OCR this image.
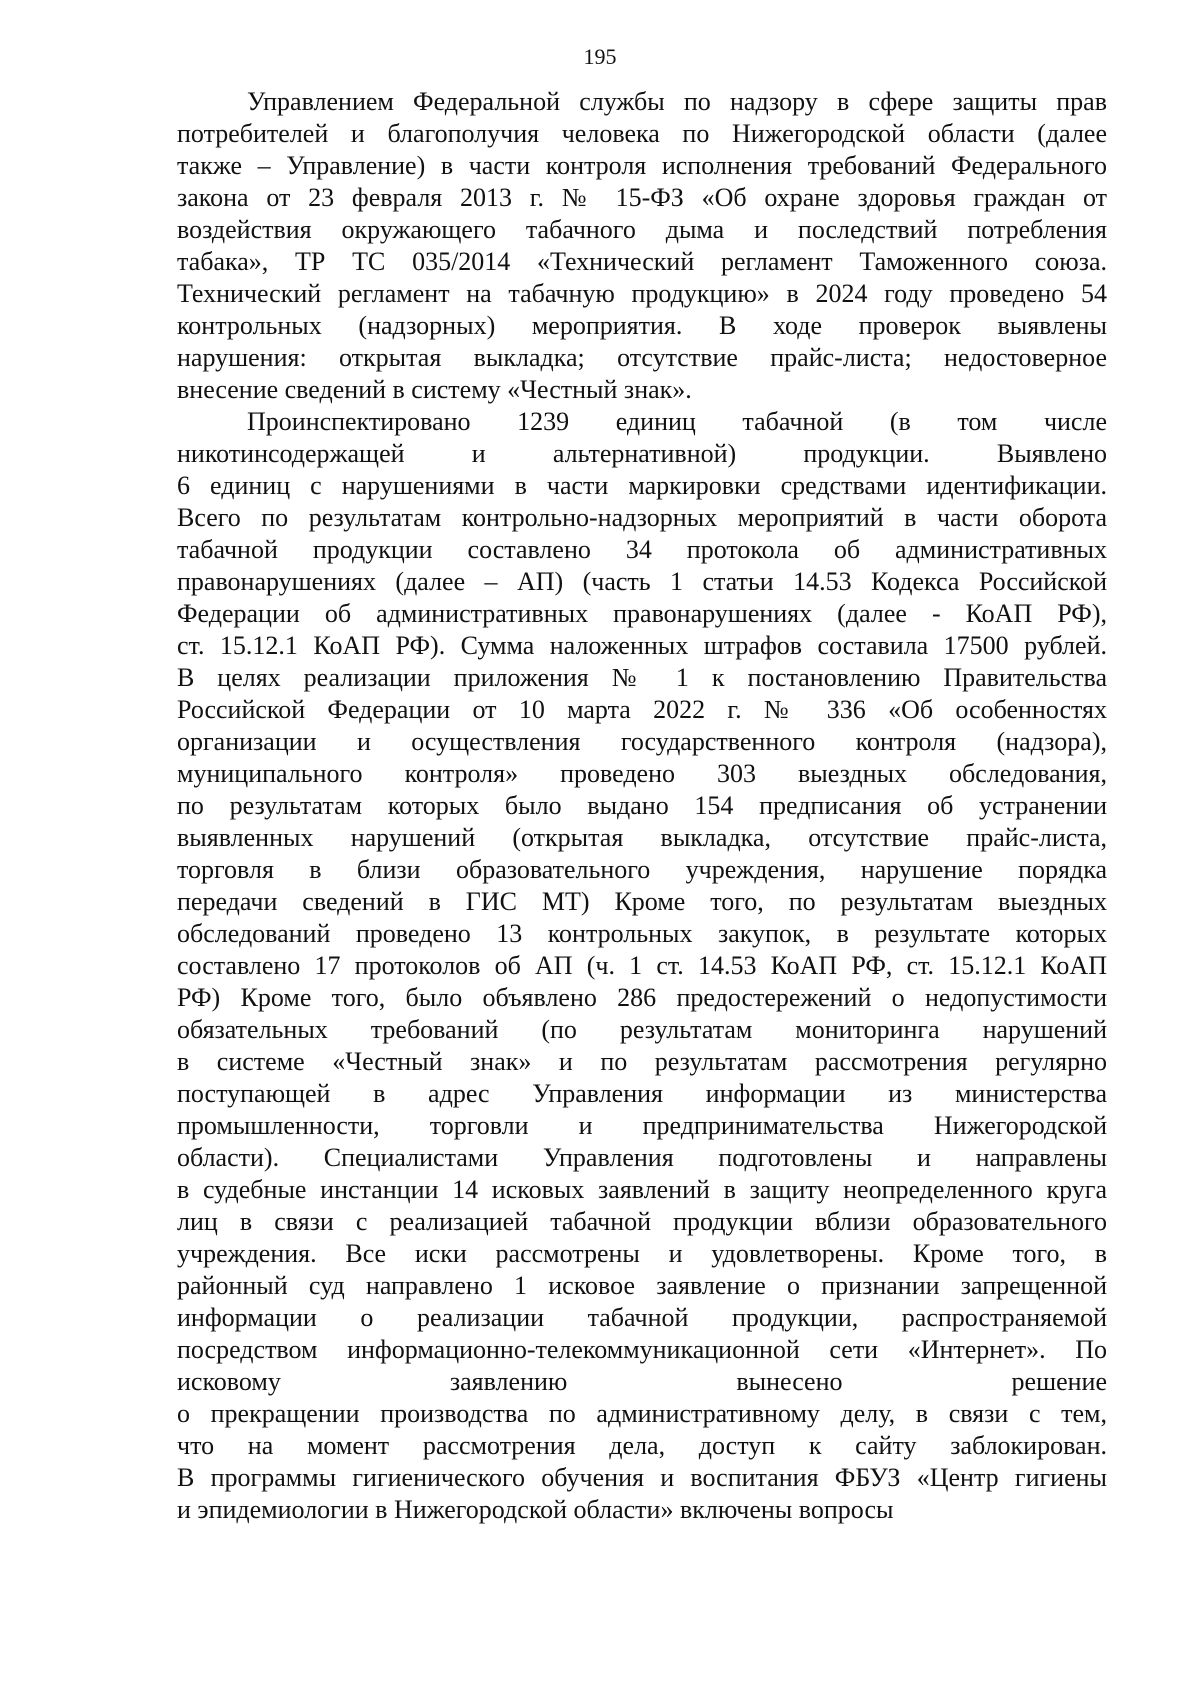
195
Управлением Федеральной службы по надзору в сфере защиты прав
потребителей и благополучия человека по Нижегородской области (далее
также – Управление) в части контроля исполнения требований Федерального
закона от 23 февраля 2013 г. № 15-ФЗ «Об охране здоровья граждан от
воздействия окружающего табачного дыма и последствий потребления
табака», ТР ТС 035/2014 «Технический регламент Таможенного союза.
Технический регламент на табачную продукцию» в 2024 году проведено 54
контрольных (надзорных) мероприятия. В ходе проверок выявлены
нарушения: открытая выкладка; отсутствие прайс-листа; недостоверное
внесение сведений в систему «Честный знак».
Проинспектировано 1239 единиц табачной (в том числе
никотинсодержащей и альтернативной) продукции. Выявлено
6 единиц с нарушениями в части маркировки средствами идентификации.
Всего по результатам контрольно-надзорных мероприятий в части оборота
табачной продукции составлено 34 протокола об административных
правонарушениях (далее – АП) (часть 1 статьи 14.53 Кодекса Российской
Федерации об административных правонарушениях (далее - КоАП РФ),
ст. 15.12.1 КоАП РФ). Сумма наложенных штрафов составила 17500 рублей.
В целях реализации приложения № 1 к постановлению Правительства
Российской Федерации от 10 марта 2022 г. № 336 «Об особенностях
организации и осуществления государственного контроля (надзора),
муниципального контроля» проведено 303 выездных обследования,
по результатам которых было выдано 154 предписания об устранении
выявленных нарушений (открытая выкладка, отсутствие прайс-листа,
торговля в близи образовательного учреждения, нарушение порядка
передачи сведений в ГИС МТ) Кроме того, по результатам выездных
обследований проведено 13 контрольных закупок, в результате которых
составлено 17 протоколов об АП (ч. 1 ст. 14.53 КоАП РФ, ст. 15.12.1 КоАП
РФ) Кроме того, было объявлено 286 предостережений о недопустимости
обязательных требований (по результатам мониторинга нарушений
в системе «Честный знак» и по результатам рассмотрения регулярно
поступающей в адрес Управления информации из министерства
промышленности, торговли и предпринимательства Нижегородской
области). Специалистами Управления подготовлены и направлены
в судебные инстанции 14 исковых заявлений в защиту неопределенного круга
лиц в связи с реализацией табачной продукции вблизи образовательного
учреждения. Все иски рассмотрены и удовлетворены. Кроме того, в
районный суд направлено 1 исковое заявление о признании запрещенной
информации о реализации табачной продукции, распространяемой
посредством информационно-телекоммуникационной сети «Интернет». По
исковому заявлению вынесено решение
о прекращении производства по административному делу, в связи с тем,
что на момент рассмотрения дела, доступ к сайту заблокирован.
В программы гигиенического обучения и воспитания ФБУЗ «Центр гигиены
и эпидемиологии в Нижегородской области» включены вопросы
